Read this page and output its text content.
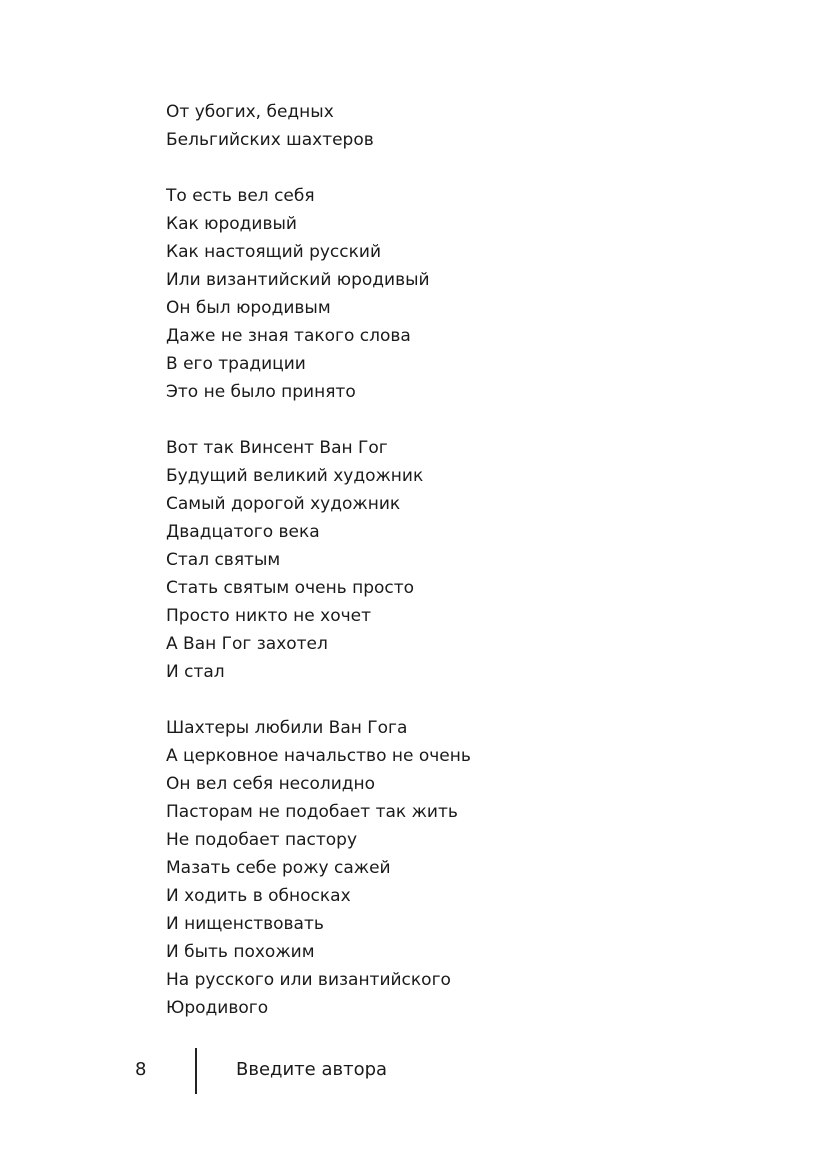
От убогих, бедных
Бельгийских шахтеров
То есть вел себя
Как юродивый
Как настоящий русский
Или византийский юродивый
Он был юродивым
Даже не зная такого слова
В его традиции
Это не было принято
Вот так Винсент Ван Гог
Будущий великий художник
Самый дорогой художник
Двадцатого века
Стал святым
Стать святым очень просто
Просто никто не хочет
А Ван Гог захотел
И стал
Шахтеры любили Ван Гога
А церковное начальство не очень
Он вел себя несолидно
Пасторам не подобает так жить
Не подобает пастору
Мазать себе рожу сажей
И ходить в обносках
И нищенствовать
И быть похожим
На русского или византийского
Юродивого
8	Введите автора
